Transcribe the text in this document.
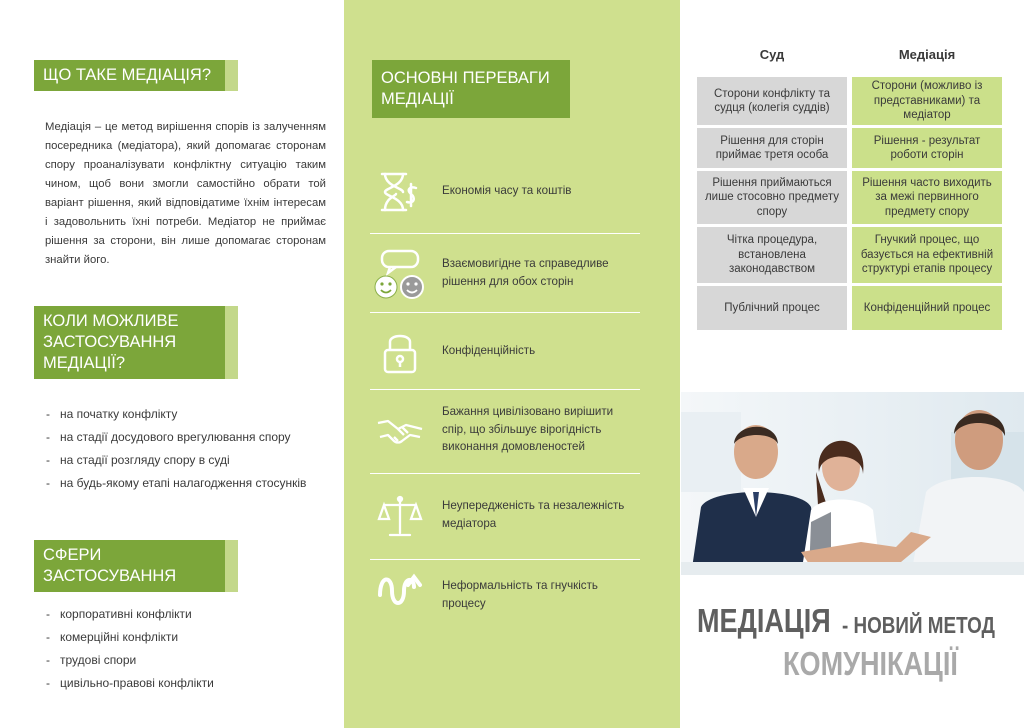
ЩО ТАКЕ МЕДІАЦІЯ?

Медіація – це метод вирішення спорів із залученням посередника (медіатора), який допомагає сторонам спору проаналізувати конфліктну ситуацію таким чином, щоб вони змогли самостійно обрати той варіант рішення, який відповідатиме їхнім інтересам і задовольнить їхні потреби. Медіатор не приймає рішення за сторони, він лише допомагає сторонам знайти його.

КОЛИ МОЖЛИВЕ
ЗАСТОСУВАННЯ
МЕДІАЦІЇ?
- на початку конфлікту
- на стадії досудового врегулювання спору
- на стадії розгляду спору в суді
- на будь-якому етапі налагодження стосунків
СФЕРИ
ЗАСТОСУВАННЯ
- корпоративні конфлікти
- комерційні конфлікти
- трудові спори
- цивільно-правові конфлікти
ОСНОВНІ ПЕРЕВАГИ
МЕДІАЦІЇ
Економія часу та коштів
Взаємовигідне та справедливе рішення для обох сторін
Конфіденційність
Бажання цивілізовано вирішити спір, що збільшує вірогідність виконання домовленостей
Неупередженість та незалежність медіатора
Неформальність та гнучкість процесу
Суд	Медіація
Сторони конфлікту та судця (колегія суддів)
Сторони (можливо із представниками) та медіатор
Рішення для сторін приймає третя особа
Рішення - результат роботи сторін
Рішення приймаються лише стосовно предмету спору
Рішення часто виходить за межі первинного предмету спору
Чітка процедура, встановлена законодавством
Гнучкий процес, що базується на ефективній структурі етапів процесу
Публічний процес	Конфіденційний процес
МЕДІАЦІЯ - НОВИЙ МЕТОД
КОМУНІКАЦІЇ
